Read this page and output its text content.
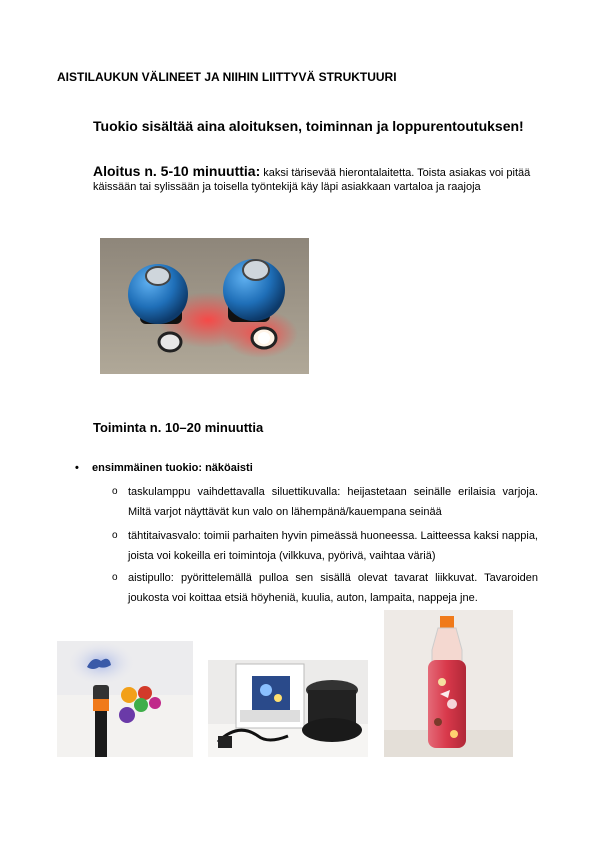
AISTILAUKUN VÄLINEET JA NIIHIN LIITTYVÄ STRUKTUURI
Tuokio sisältää aina aloituksen, toiminnan ja loppurentoutuksen!
Aloitus n. 5-10 minuuttia: kaksi tärisevää hierontalaitetta. Toista asiakas voi pitää käissään tai sylissään ja toisella työntekijä käy läpi asiakkaan vartaloa ja raajoja
Toiminta n. 10–20 minuuttia
• ensimmäinen tuokio: näköaisti
o taskulamppu vaihdettavalla siluettikuvalla: heijastetaan seinälle erilaisia varjoja. Miltä varjot näyttävät kun valo on lähempänä/kauempana seinää
o tähtitaivasvalo: toimii parhaiten hyvin pimeässä huoneessa. Laitteessa kaksi nappia, joista voi kokeilla eri toimintoja (vilkkuva, pyörivä, vaihtaa väriä)
o aistipullo: pyörittelemällä pulloa sen sisällä olevat tavarat liikkuvat. Tavaroiden joukosta voi koittaa etsiä höyheniä, kuulia, auton, lampaita, nappeja jne.
